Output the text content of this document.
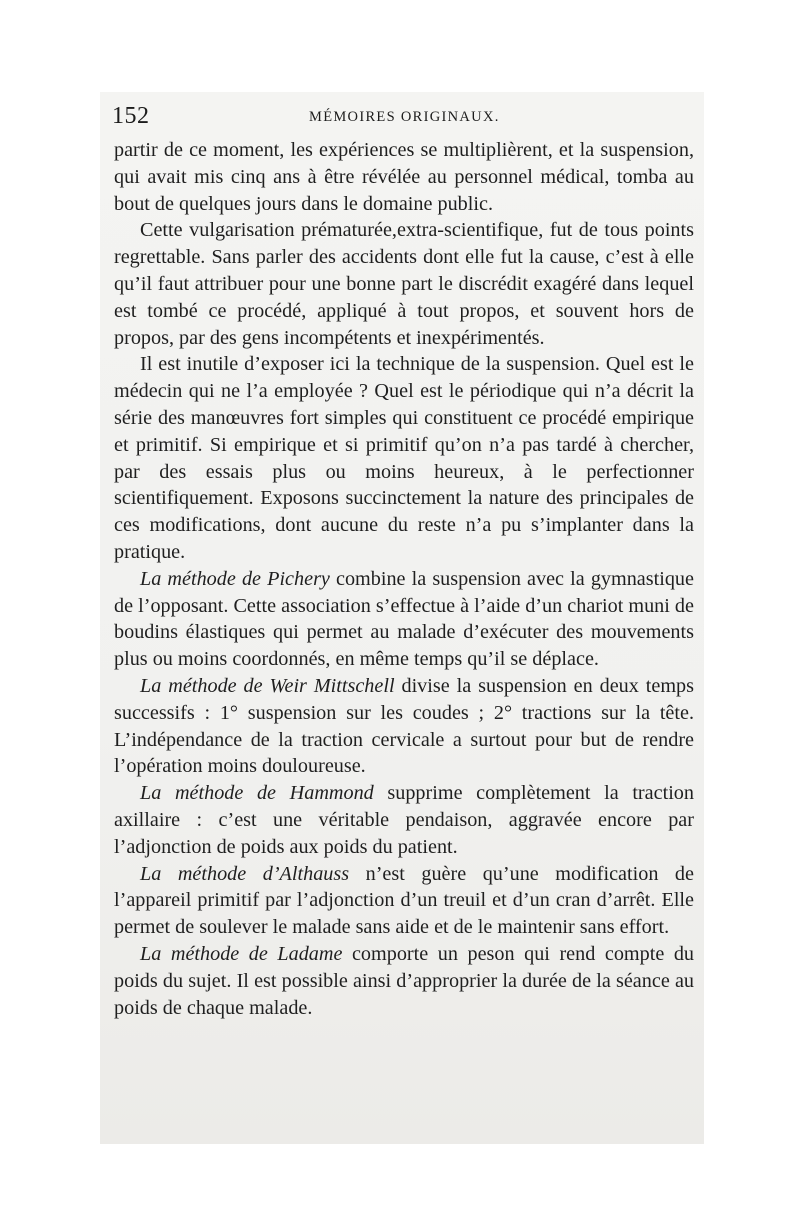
152	MÉMOIRES ORIGINAUX.

partir de ce moment, les expériences se multiplièrent, et la suspension, qui avait mis cinq ans à être révélée au personnel médical, tomba au bout de quelques jours dans le domaine public.

Cette vulgarisation prématurée,extra-scientifique, fut de tous points regrettable. Sans parler des accidents dont elle fut la cause, c’est à elle qu’il faut attribuer pour une bonne part le discrédit exagéré dans lequel est tombé ce procédé, appliqué à tout propos, et souvent hors de propos, par des gens incompétents et inexpérimentés.

Il est inutile d’exposer ici la technique de la suspension. Quel est le médecin qui ne l’a employée ? Quel est le périodique qui n’a décrit la série des manœuvres fort simples qui constituent ce procédé empirique et primitif. Si empirique et si primitif qu’on n’a pas tardé à chercher, par des essais plus ou moins heureux, à le perfectionner scientifiquement. Exposons succinctement la nature des principales de ces modifications, dont aucune du reste n’a pu s’implanter dans la pratique.

La méthode de Pichery combine la suspension avec la gymnastique de l’opposant. Cette association s’effectue à l’aide d’un chariot muni de boudins élastiques qui permet au malade d’exécuter des mouvements plus ou moins coordonnés, en même temps qu’il se déplace.

La méthode de Weir Mittschell divise la suspension en deux temps successifs : 1° suspension sur les coudes ; 2° tractions sur la tête. L’indépendance de la traction cervicale a surtout pour but de rendre l’opération moins douloureuse.

La méthode de Hammond supprime complètement la traction axillaire : c’est une véritable pendaison, aggravée encore par l’adjonction de poids aux poids du patient.

La méthode d’Althauss n’est guère qu’une modification de l’appareil primitif par l’adjonction d’un treuil et d’un cran d’arrêt. Elle permet de soulever le malade sans aide et de le maintenir sans effort.

La méthode de Ladame comporte un peson qui rend compte du poids du sujet. Il est possible ainsi d’approprier la durée de la séance au poids de chaque malade.
